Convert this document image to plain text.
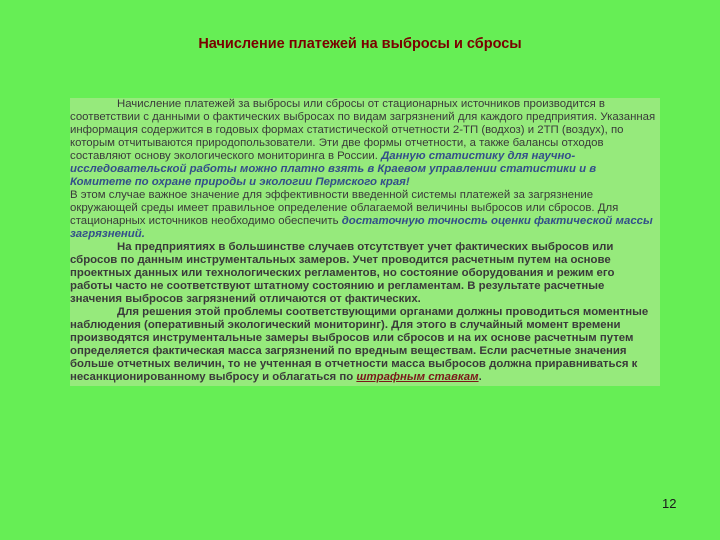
Начисление платежей на выбросы и сбросы

Начисление платежей за выбросы или сбросы от стационарных источников производится в соответствии с данными о фактических выбросах по видам загрязнений для каждого предприятия. Указанная информация содержится в годовых формах статистической отчетности 2-ТП (водхоз) и 2ТП (воздух), по которым отчитываются природопользователи. Эти две формы отчетности, а также балансы отходов составляют основу экологического мониторинга в России. Данную статистику для научно-исследовательской работы можно платно взять в Краевом управлении статистики и в Комитете по охране природы и экологии Пермского края!

В этом случае важное значение для эффективности введенной системы платежей за загрязнение окружающей среды имеет правильное определение облагаемой величины выбросов или сбросов. Для стационарных источников необходимо обеспечить достаточную точность оценки фактической массы загрязнений.

На предприятиях в большинстве случаев отсутствует учет фактических выбросов или сбросов по данным инструментальных замеров. Учет проводится расчетным путем на основе проектных данных или технологических регламентов, но состояние оборудования и режим его работы часто не соответствуют штатному состоянию и регламентам. В результате расчетные значения выбросов загрязнений отличаются от фактических.

Для решения этой проблемы соответствующими органами должны проводиться моментные наблюдения (оперативный экологический мониторинг). Для этого в случайный момент времени производятся инструментальные замеры выбросов или сбросов и на их основе расчетным путем определяется фактическая масса загрязнений по вредным веществам. Если расчетные значения больше отчетных величин, то не учтенная в отчетности масса выбросов должна приравниваться к несанкционированному выбросу и облагаться по штрафным ставкам.

12
